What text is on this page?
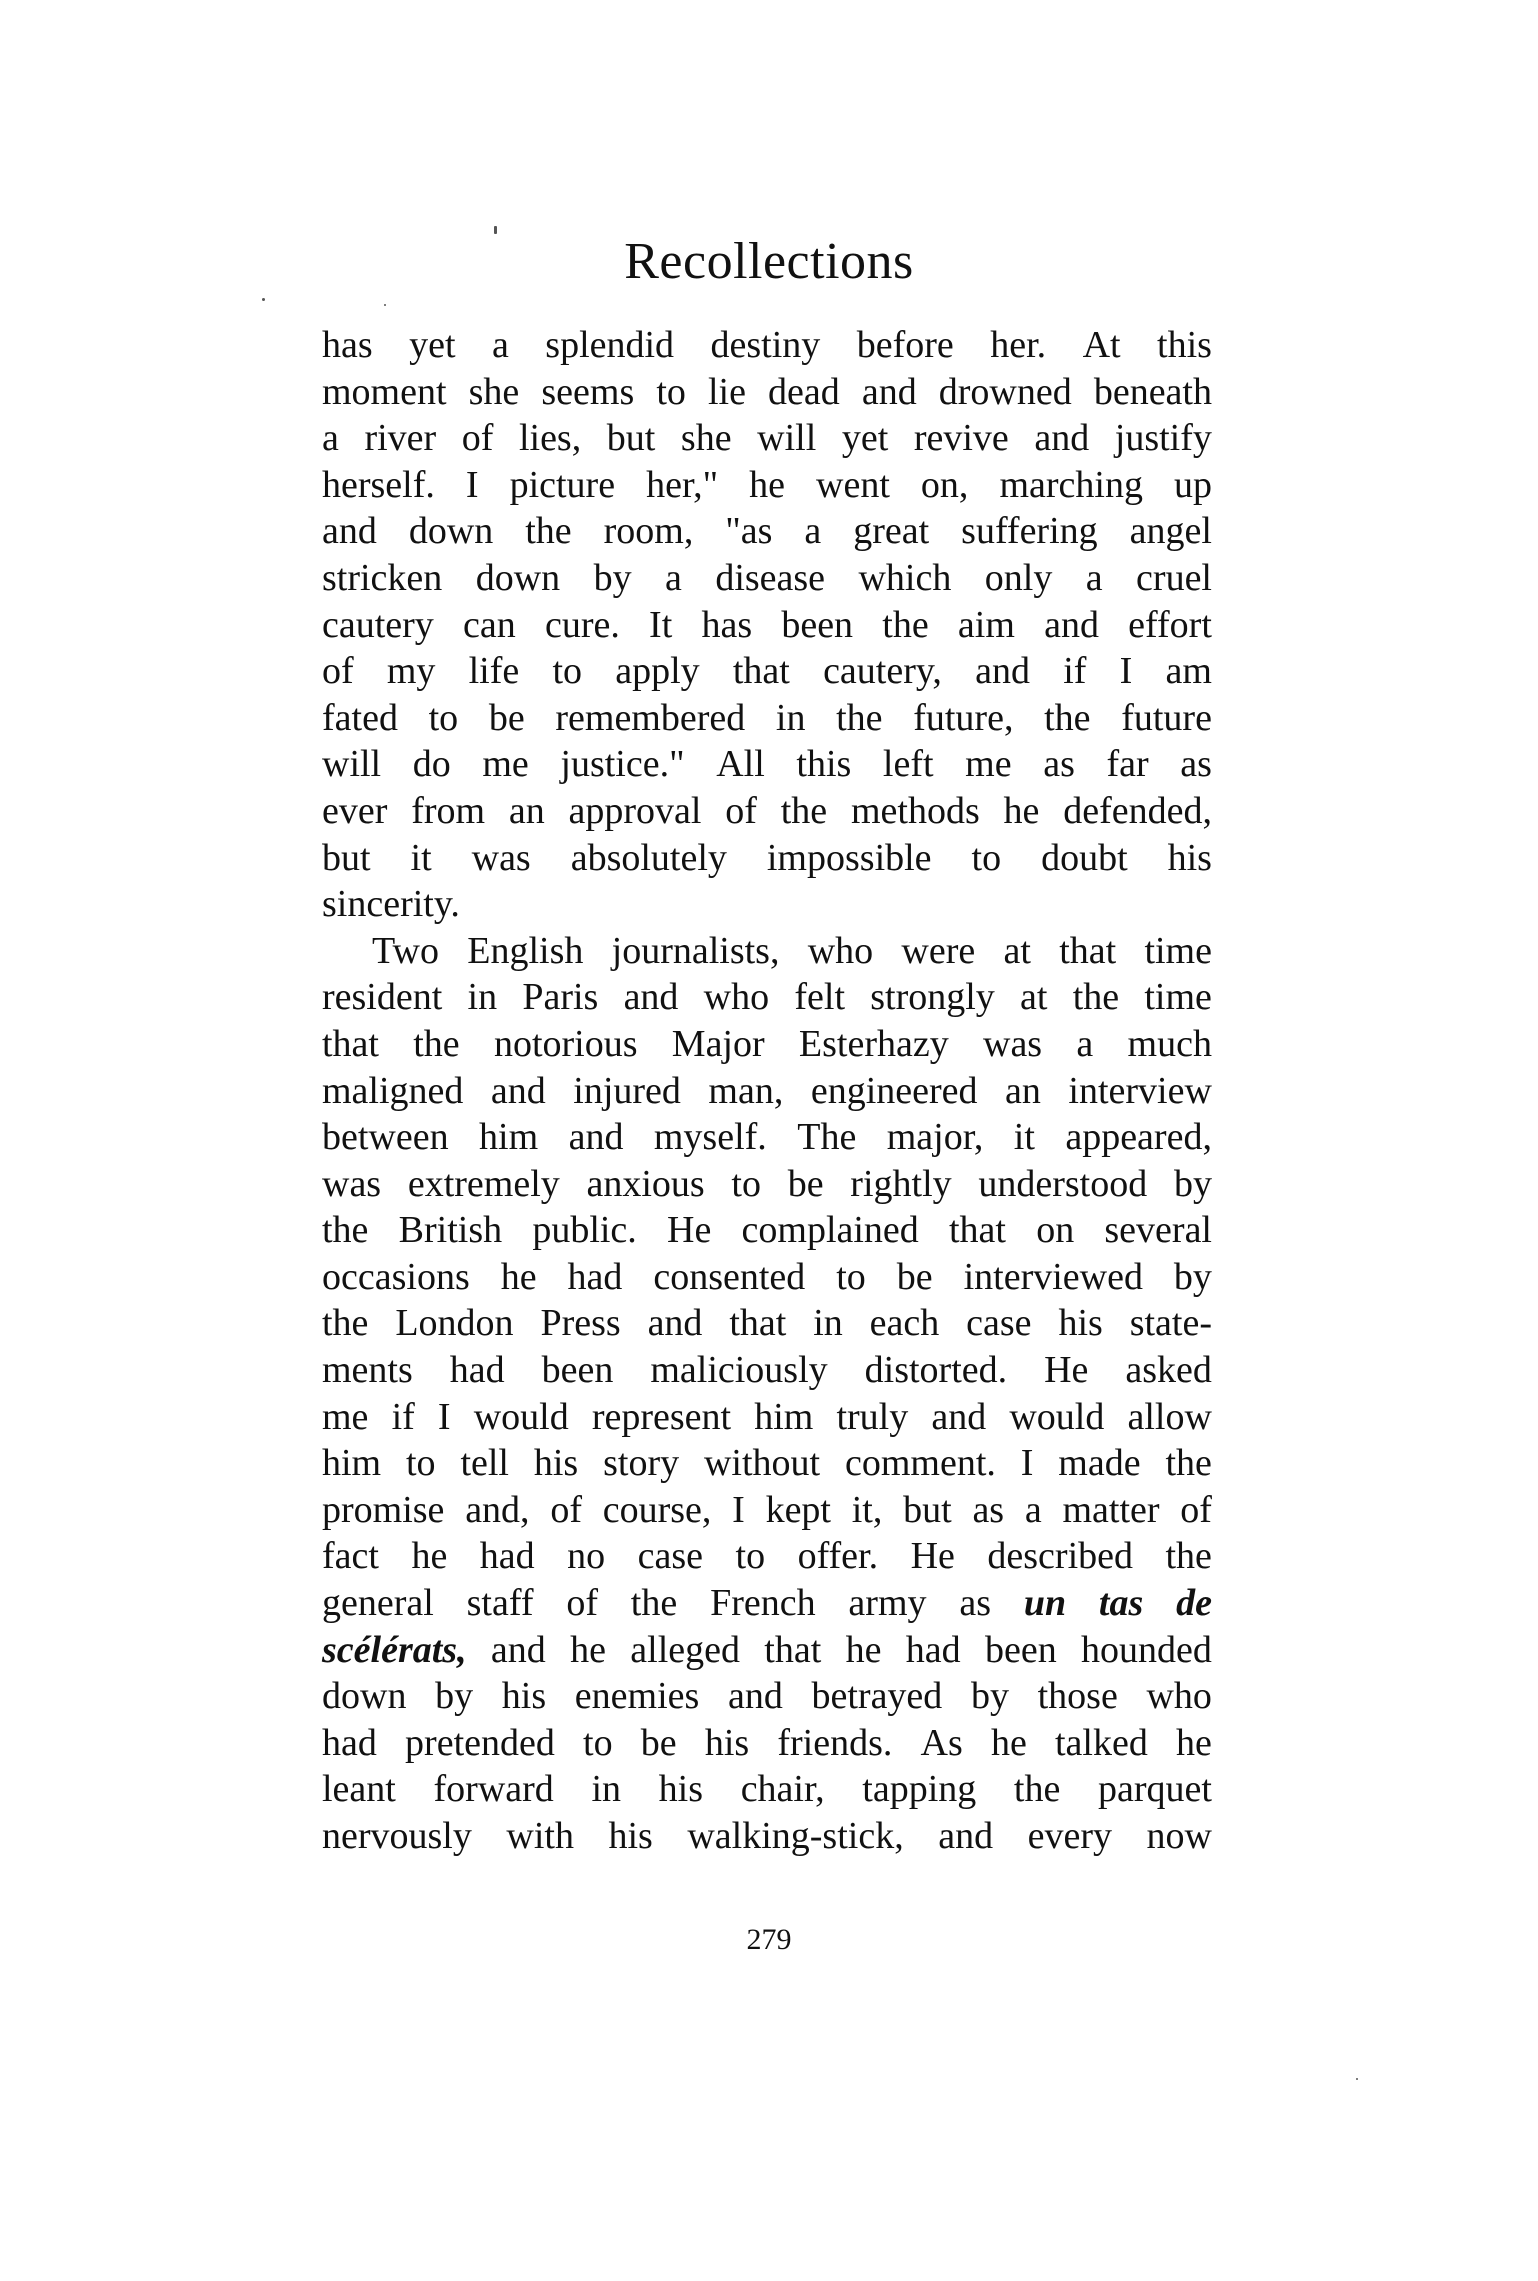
Recollections
has yet a splendid destiny before her. At this
moment she seems to lie dead and drowned beneath
a river of lies, but she will yet revive and justify
herself. I picture her," he went on, marching up
and down the room, "as a great suffering angel
stricken down by a disease which only a cruel
cautery can cure. It has been the aim and effort
of my life to apply that cautery, and if I am
fated to be remembered in the future, the future
will do me justice." All this left me as far as
ever from an approval of the methods he defended,
but it was absolutely impossible to doubt his
sincerity.
Two English journalists, who were at that time
resident in Paris and who felt strongly at the time
that the notorious Major Esterhazy was a much
maligned and injured man, engineered an interview
between him and myself. The major, it appeared,
was extremely anxious to be rightly understood by
the British public. He complained that on several
occasions he had consented to be interviewed by
the London Press and that in each case his state-
ments had been maliciously distorted. He asked
me if I would represent him truly and would allow
him to tell his story without comment. I made the
promise and, of course, I kept it, but as a matter of
fact he had no case to offer. He described the
general staff of the French army as un tas de
scélérats, and he alleged that he had been hounded
down by his enemies and betrayed by those who
had pretended to be his friends. As he talked he
leant forward in his chair, tapping the parquet
nervously with his walking-stick, and every now
279
